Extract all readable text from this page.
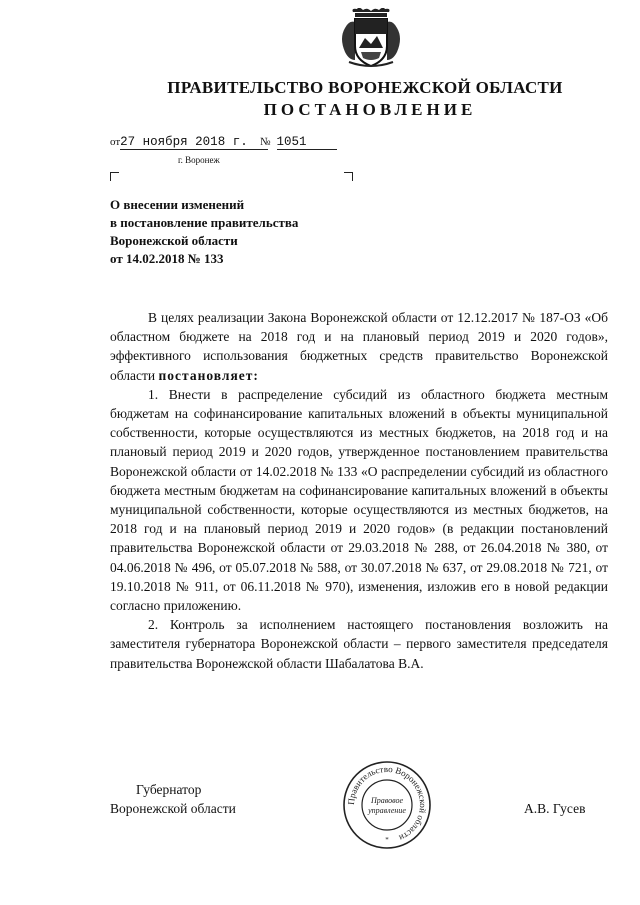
ПРАВИТЕЛЬСТВО ВОРОНЕЖСКОЙ ОБЛАСТИ
ПОСТАНОВЛЕНИЕ
от27 ноября 2018 г.	№ 1051
г. Воронеж
О внесении изменений
в постановление правительства
Воронежской области
от 14.02.2018 № 133

В целях реализации Закона Воронежской области от 12.12.2017 № 187-ОЗ «Об областном бюджете на 2018 год и на плановый период 2019 и 2020 годов», эффективного использования бюджетных средств правительство Воронежской области постановляет:

1. Внести в распределение субсидий из областного бюджета местным бюджетам на софинансирование капитальных вложений в объекты муниципальной собственности, которые осуществляются из местных бюджетов, на 2018 год и на плановый период 2019 и 2020 годов, утвержденное постановлением правительства Воронежской области от 14.02.2018 № 133 «О распределении субсидий из областного бюджета местным бюджетам на софинансирование капитальных вложений в объекты муниципальной собственности, которые осуществляются из местных бюджетов, на 2018 год и на плановый период 2019 и 2020 годов» (в редакции постановлений правительства Воронежской области от 29.03.2018 № 288, от 26.04.2018 № 380, от 04.06.2018 № 496, от 05.07.2018 № 588, от 30.07.2018 № 637, от 29.08.2018 № 721, от 19.10.2018 № 911, от 06.11.2018 № 970), изменения, изложив его в новой редакции согласно приложению.

2. Контроль за исполнением настоящего постановления возложить на заместителя губернатора Воронежской области – первого заместителя председателя правительства Воронежской области Шабалатова В.А.

Губернатор
Воронежской области	А.В. Гусев
Правительство Воронежской области
Правовое
управление
*
